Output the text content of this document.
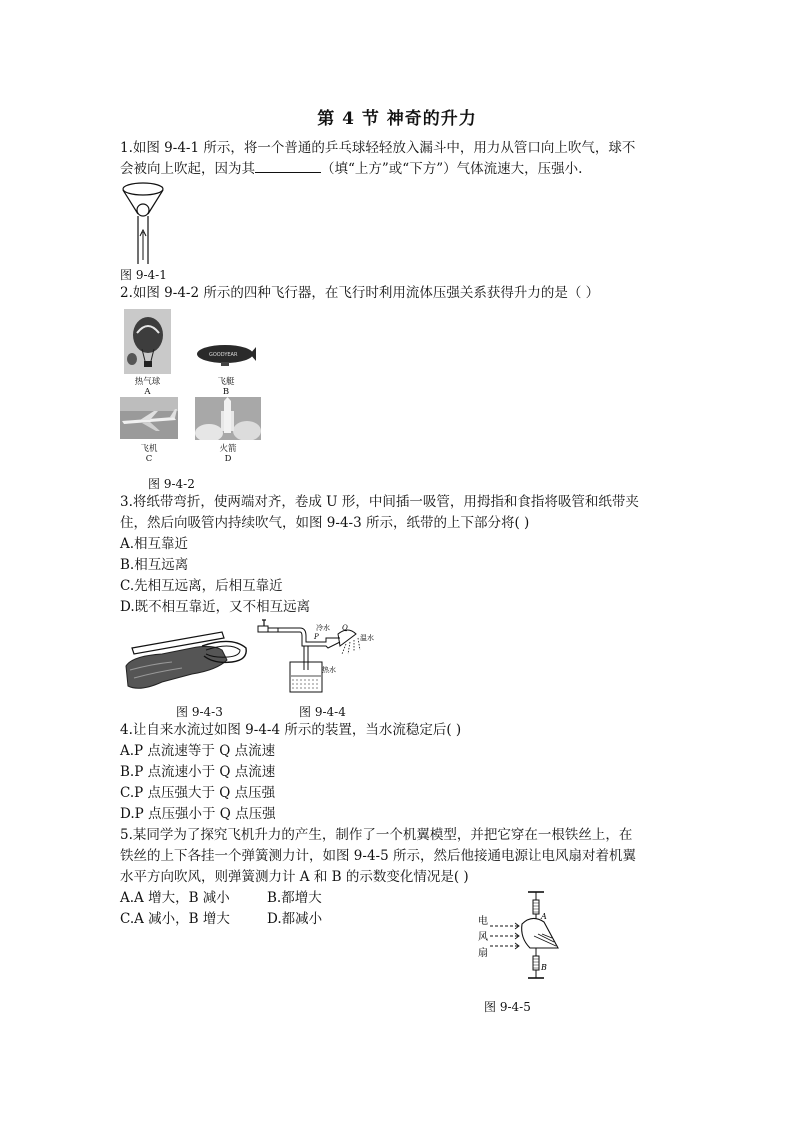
第 4 节 神奇的升力
1.如图 9-4-1 所示，将一个普通的乒乓球轻轻放入漏斗中，用力从管口向上吹气，球不
会被向上吹起，因为其	（填“上方”或“下方”）气体流速大，压强小.
图 9-4-1
2.如图 9-4-2 所示的四种飞行器，在飞行时利用流体压强关系获得升力的是（ ）
热气球
A
GOODYEAR
飞艇
B
飞机
C
火箭
D
图 9-4-2
3.将纸带弯折，使两端对齐，卷成 U 形，中间插一吸管，用拇指和食指将吸管和纸带夹
住，然后向吸管内持续吹气，如图 9-4-3 所示，纸带的上下部分将( )
A.相互靠近
B.相互远离
C.先相互远离，后相互靠近
D.既不相互靠近，又不相互远离
图 9-4-3
冷水
P
Q
温水
热水
图 9-4-4
4.让自来水流过如图 9-4-4 所示的装置，当水流稳定后( )
A.P 点流速等于 Q 点流速
B.P 点流速小于 Q 点流速
C.P 点压强大于 Q 点压强
D.P 点压强小于 Q 点压强
5.某同学为了探究飞机升力的产生，制作了一个机翼模型，并把它穿在一根铁丝上，在
铁丝的上下各挂一个弹簧测力计，如图 9-4-5 所示，然后他接通电源让电风扇对着机翼
水平方向吹风，则弹簧测力计 A 和 B 的示数变化情况是( )
A.A 增大，B 减小	B.都增大
C.A 减小，B 增大	D.都减小	A
B
电
风
扇
图 9-4-5
